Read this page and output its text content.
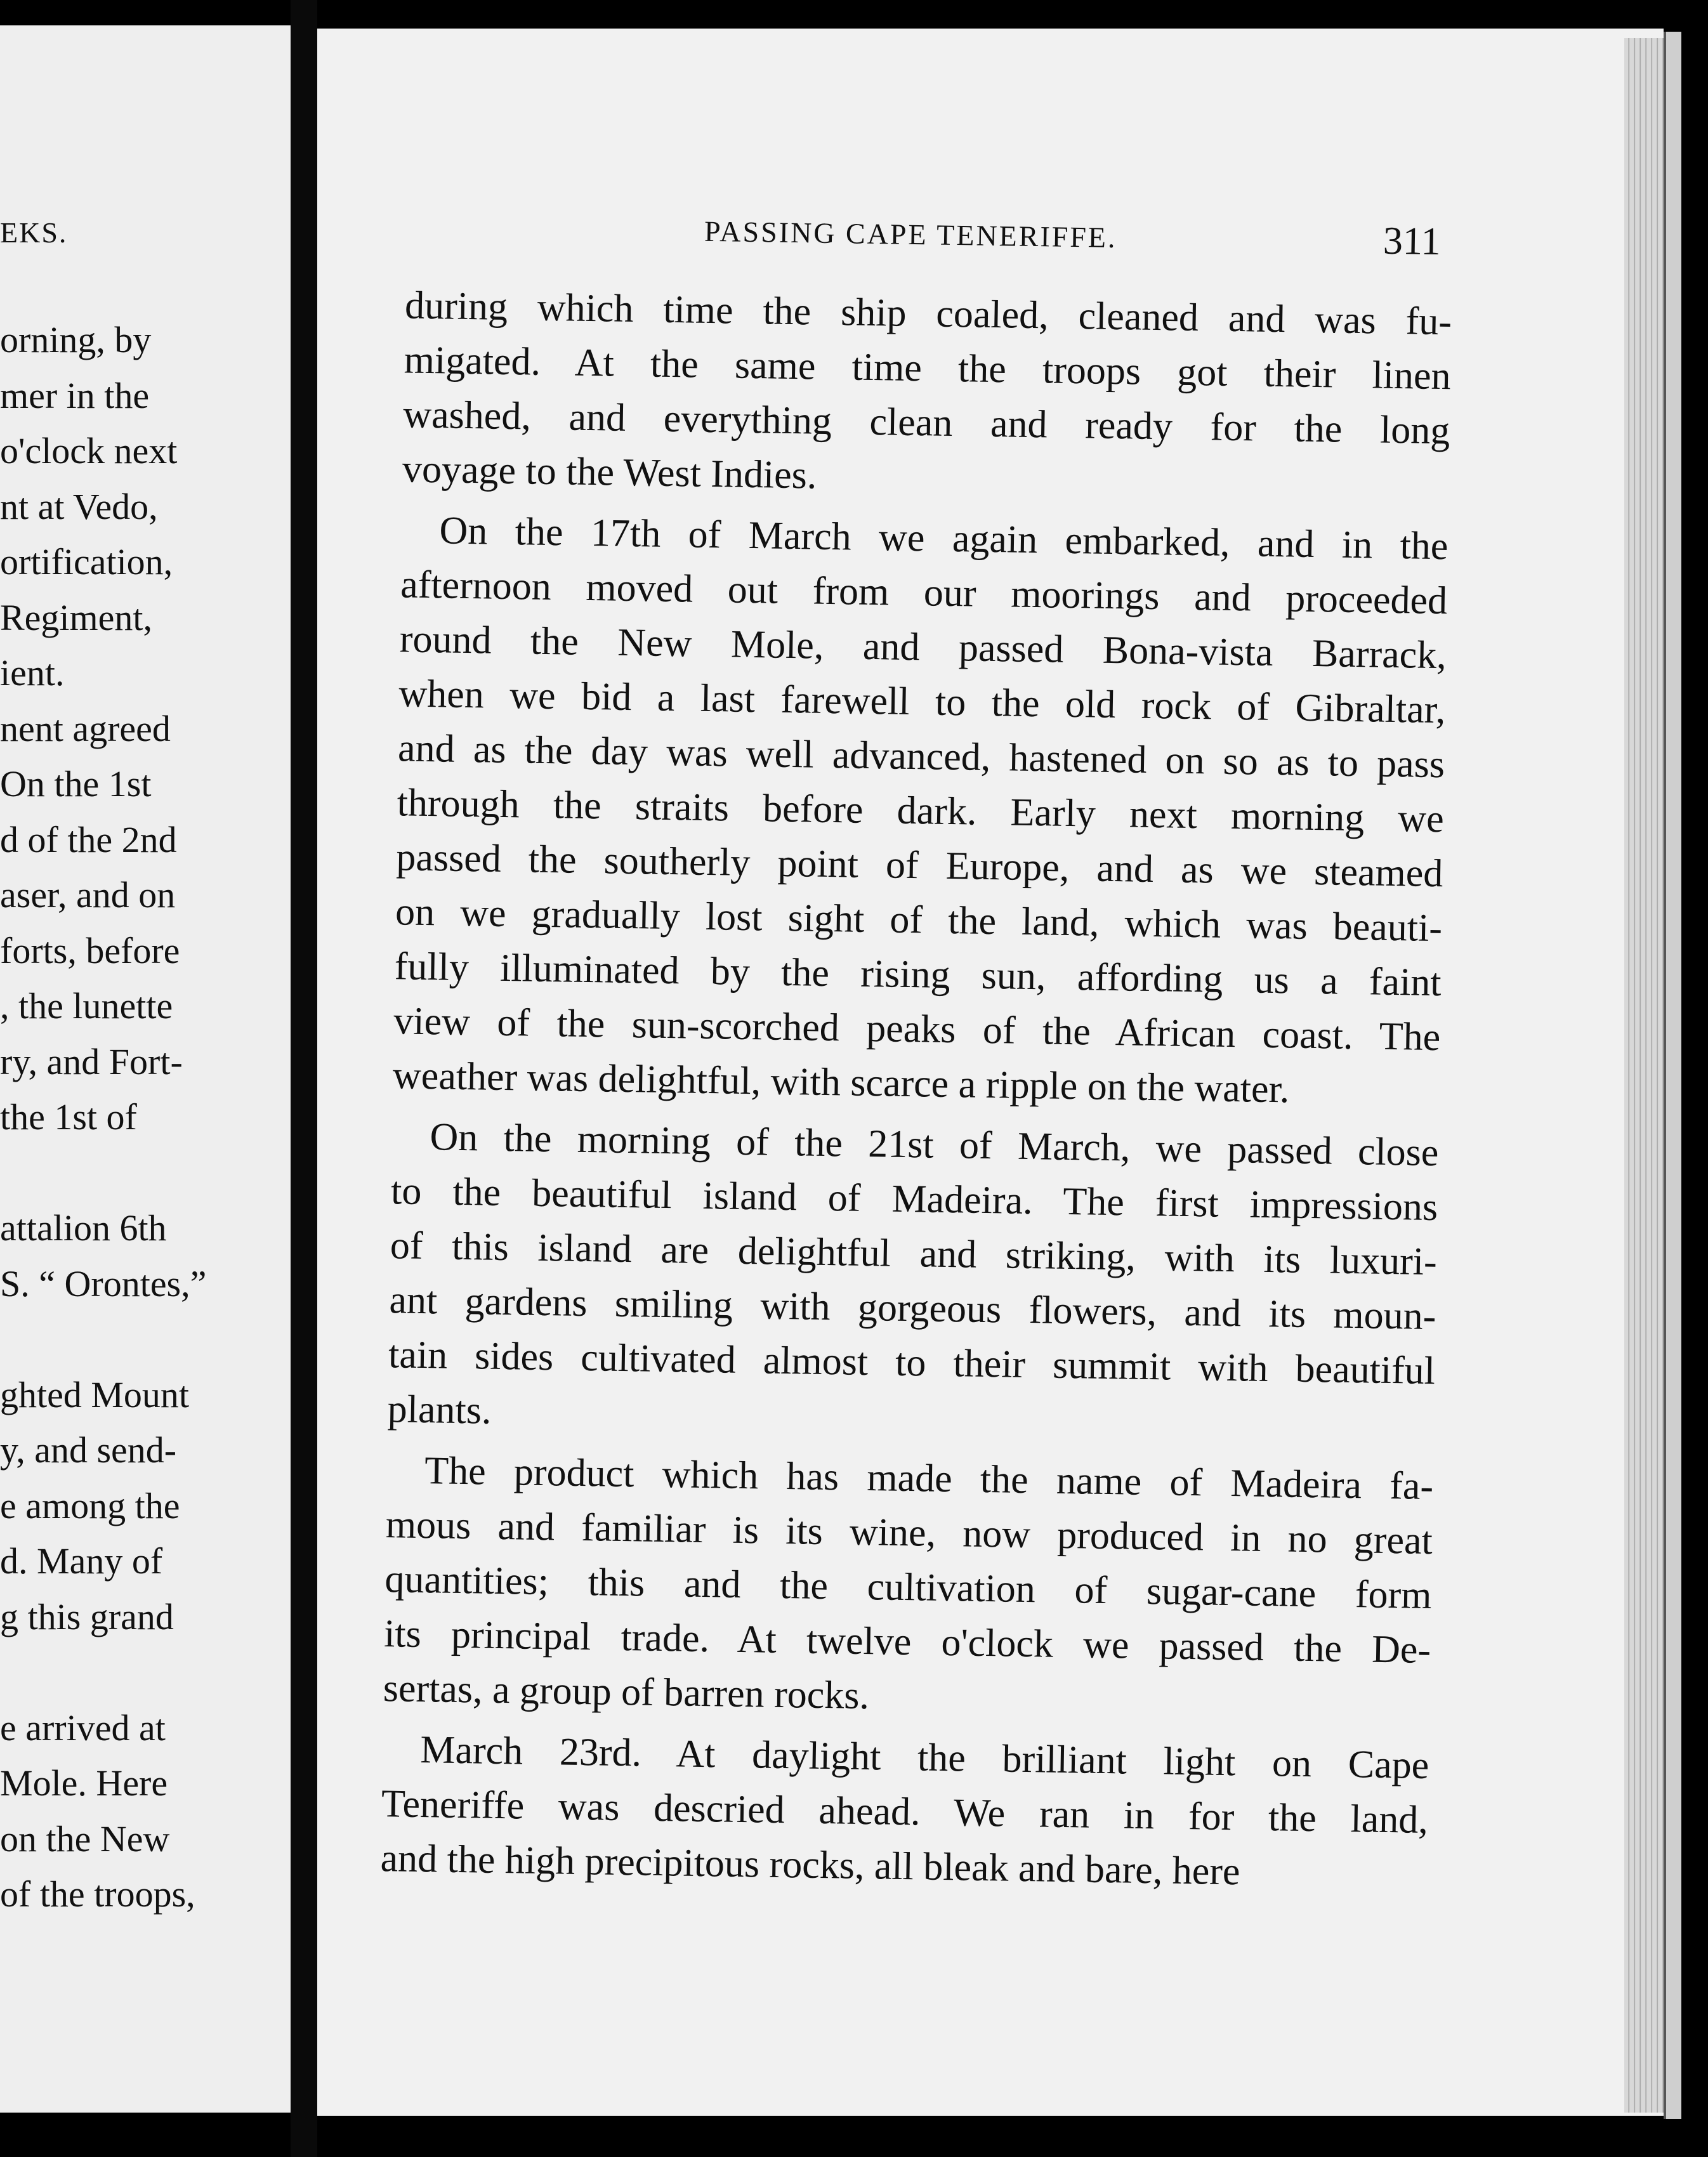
EKS.
orning, by
mer in the
o'clock next
nt at Vedo,
ortification,
Regiment,
ient.
nent agreed
On the 1st
d of the 2nd
aser, and on
forts, before
, the lunette
ry, and Fort-
the 1st of
attalion 6th
S. “ Orontes,”
ghted Mount
y, and send-
e among the
d. Many of
g this grand
e arrived at
Mole. Here
on the New
of the troops,
PASSING CAPE TENERIFFE.	311
during which time the ship coaled, cleaned and was fu-
migated. At the same time the troops got their linen
washed, and everything clean and ready for the long
voyage to the West Indies.
On the 17th of March we again embarked, and in the
afternoon moved out from our moorings and proceeded
round the New Mole, and passed Bona-vista Barrack,
when we bid a last farewell to the old rock of Gibraltar,
and as the day was well advanced, hastened on so as to pass
through the straits before dark. Early next morning we
passed the southerly point of Europe, and as we steamed
on we gradually lost sight of the land, which was beauti-
fully illuminated by the rising sun, affording us a faint
view of the sun-scorched peaks of the African coast. The
weather was delightful, with scarce a ripple on the water.
On the morning of the 21st of March, we passed close
to the beautiful island of Madeira. The first impressions
of this island are delightful and striking, with its luxuri-
ant gardens smiling with gorgeous flowers, and its moun-
tain sides cultivated almost to their summit with beautiful
plants.
The product which has made the name of Madeira fa-
mous and familiar is its wine, now produced in no great
quantities; this and the cultivation of sugar-cane form
its principal trade. At twelve o'clock we passed the De-
sertas, a group of barren rocks.
March 23rd. At daylight the brilliant light on Cape
Teneriffe was descried ahead. We ran in for the land,
and the high precipitous rocks, all bleak and bare, here
